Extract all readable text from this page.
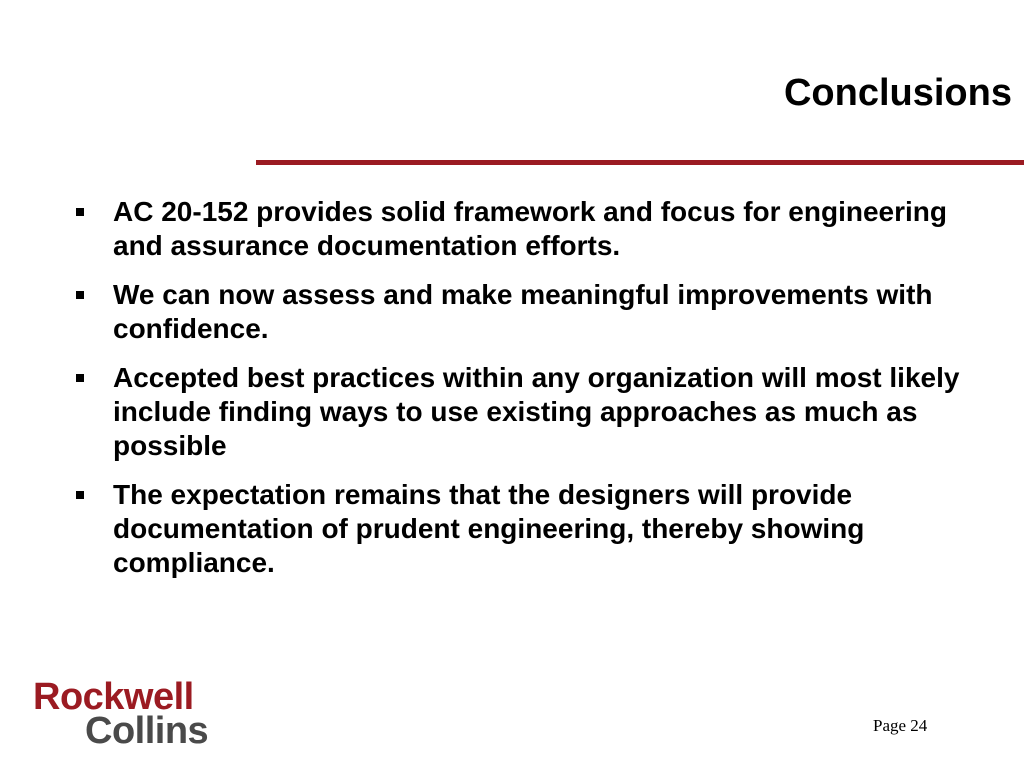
Conclusions
AC 20-152 provides solid framework and focus for engineering and assurance documentation efforts.
We can now assess and make meaningful improvements with confidence.
Accepted best practices within any organization will most likely include finding ways to use existing approaches as much as possible
The expectation remains that the designers will provide documentation of prudent engineering, thereby showing compliance.
Rockwell
Collins	Page 24
